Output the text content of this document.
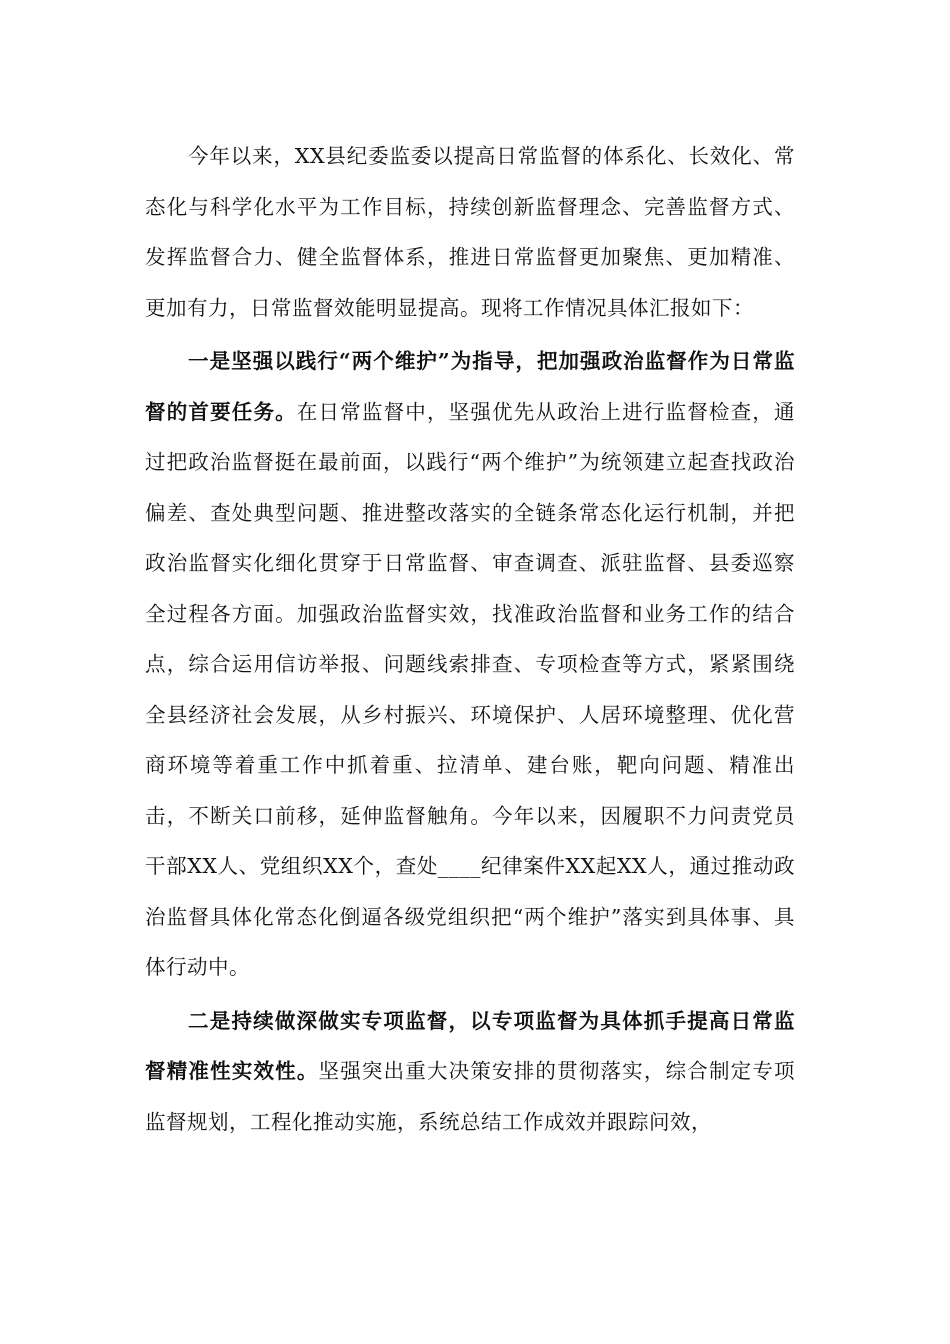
今年以来，XX县纪委监委以提高日常监督的体系化、长效化、常态化与科学化水平为工作目标，持续创新监督理念、完善监督方式、发挥监督合力、健全监督体系，推进日常监督更加聚焦、更加精准、更加有力，日常监督效能明显提高。现将工作情况具体汇报如下：

一是坚强以践行“两个维护”为指导，把加强政治监督作为日常监督的首要任务。在日常监督中，坚强优先从政治上进行监督检查，通过把政治监督挺在最前面，以践行“两个维护”为统领建立起查找政治偏差、查处典型问题、推进整改落实的全链条常态化运行机制，并把政治监督实化细化贯穿于日常监督、审查调查、派驻监督、县委巡察全过程各方面。加强政治监督实效，找准政治监督和业务工作的结合点，综合运用信访举报、问题线索排查、专项检查等方式，紧紧围绕全县经济社会发展，从乡村振兴、环境保护、人居环境整理、优化营商环境等着重工作中抓着重、拉清单、建台账，靶向问题、精准出击，不断关口前移，延伸监督触角。今年以来，因履职不力问责党员干部XX人、党组织XX个，查处____纪律案件XX起XX人，通过推动政治监督具体化常态化倒逼各级党组织把“两个维护”落实到具体事、具体行动中。

二是持续做深做实专项监督，以专项监督为具体抓手提高日常监督精准性实效性。坚强突出重大决策安排的贯彻落实，综合制定专项监督规划，工程化推动实施，系统总结工作成效并跟踪问效，
